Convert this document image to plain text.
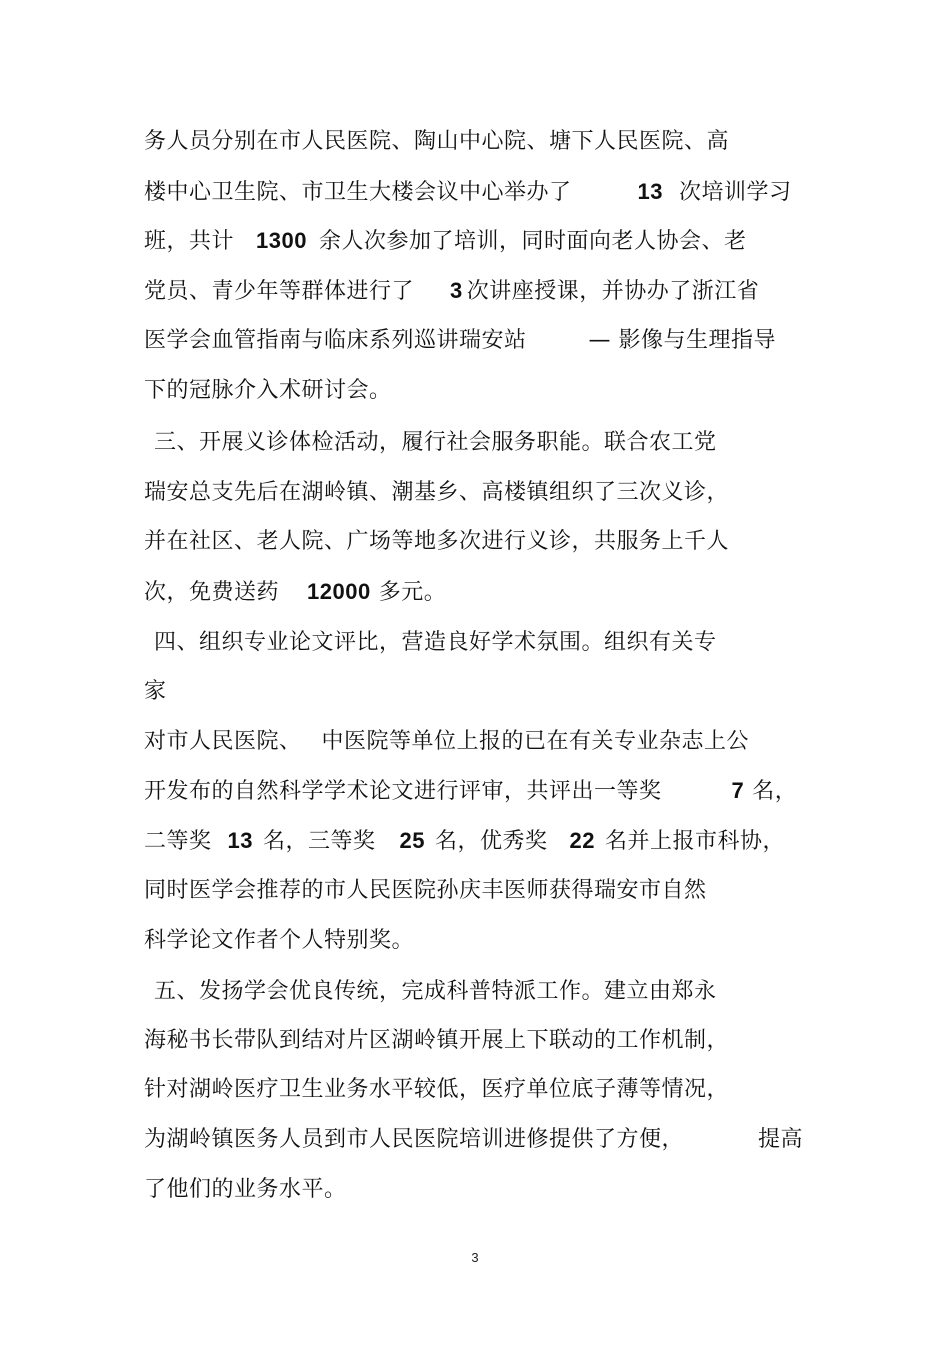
务人员分别在市人民医院、陶山中心院、塘下人民医院、高
楼中心卫生院、市卫生大楼会议中心举办了	13 次培训学习
班，共计 1300 余人次参加了培训，同时面向老人协会、老
党员、青少年等群体进行了 3 次讲座授课，并协办了浙江省
医学会血管指南与临床系列巡讲瑞安站	— 影像与生理指导
下的冠脉介入术研讨会。
三、开展义诊体检活动，履行社会服务职能。联合农工党
瑞安总支先后在湖岭镇、潮基乡、高楼镇组织了三次义诊，
并在社区、老人院、广场等地多次进行义诊，共服务上千人
次，免费送药 12000 多元。
四、组织专业论文评比，营造良好学术氛围。组织有关专
家
对市人民医院、 中医院等单位上报的已在有关专业杂志上公
开发布的自然科学学术论文进行评审，共评出一等奖	7 名，
二等奖 13 名，三等奖 25 名，优秀奖 22 名并上报市科协，
同时医学会推荐的市人民医院孙庆丰医师获得瑞安市自然
科学论文作者个人特别奖。
五、发扬学会优良传统，完成科普特派工作。建立由郑永
海秘书长带队到结对片区湖岭镇开展上下联动的工作机制，
针对湖岭医疗卫生业务水平较低，医疗单位底子薄等情况，
为湖岭镇医务人员到市人民医院培训进修提供了方便，	提高
了他们的业务水平。
3
